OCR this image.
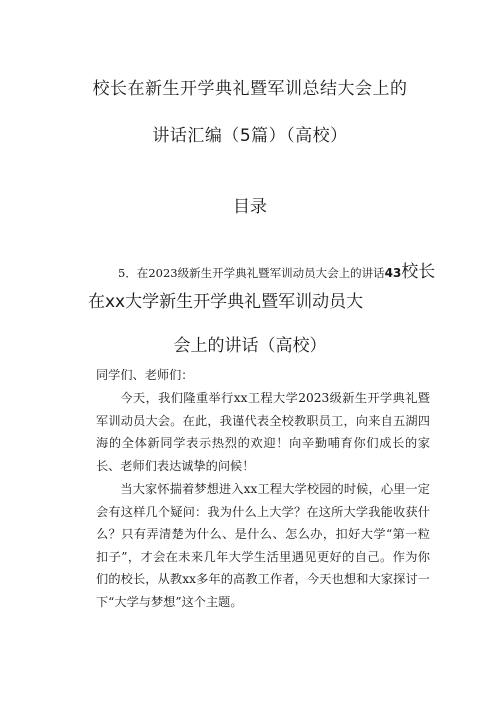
校长在新生开学典礼暨军训总结大会上的
讲话汇编（5篇）（高校）
目录
5．在2023级新生开学典礼暨军训动员大会上的讲话43校长
在xx大学新生开学典礼暨军训动员大
会上的讲话（高校）
同学们、老师们：
今天，我们隆重举行xx工程大学2023级新生开学典礼暨军训动员大会。在此，我谨代表全校教职员工，向来自五湖四海的全体新同学表示热烈的欢迎！向辛勤哺育你们成长的家长、老师们表达诚挚的问候！
当大家怀揣着梦想进入xx工程大学校园的时候，心里一定会有这样几个疑问：我为什么上大学？在这所大学我能收获什么？只有弄清楚为什么、是什么、怎么办，扣好大学“第一粒扣子”，才会在未来几年大学生活里遇见更好的自己。作为你们的校长，从教xx多年的高教工作者，今天也想和大家探讨一下“大学与梦想”这个主题。
